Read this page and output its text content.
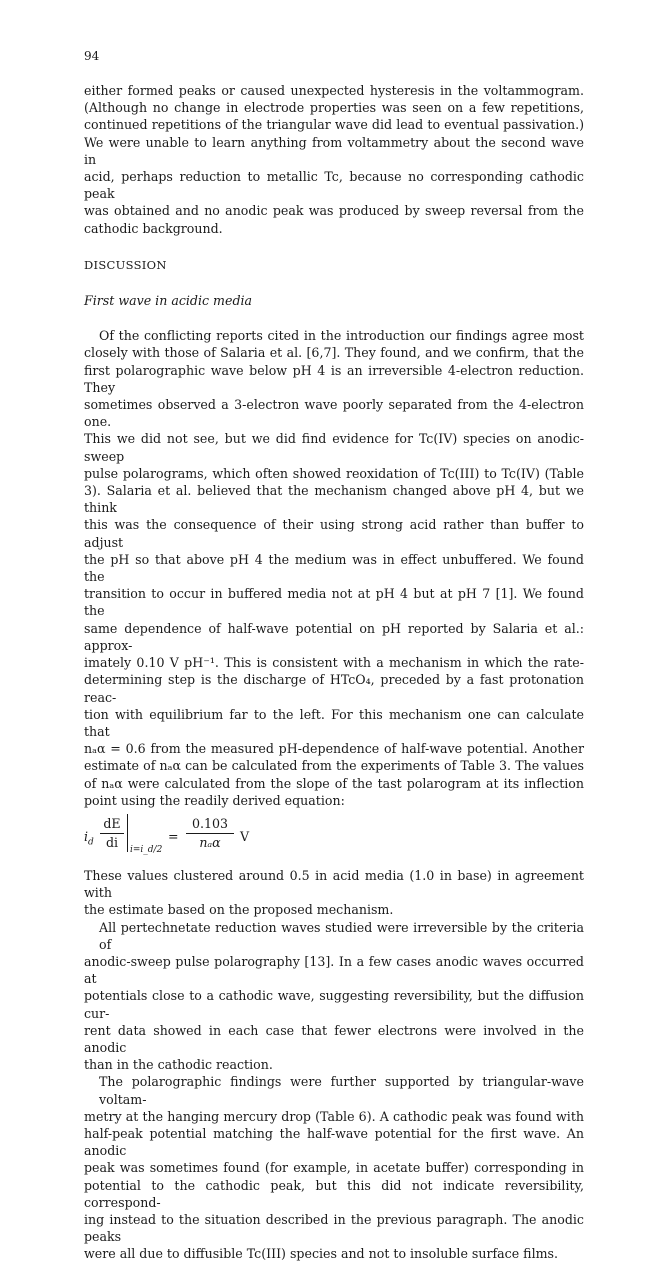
94
either formed peaks or caused unexpected hysteresis in the voltammogram.
(Although no change in electrode properties was seen on a few repetitions,
continued repetitions of the triangular wave did lead to eventual passivation.)
We were unable to learn anything from voltammetry about the second wave in
acid, perhaps reduction to metallic Tc, because no corresponding cathodic peak
was obtained and no anodic peak was produced by sweep reversal from the
cathodic background.
DISCUSSION
First wave in acidic media
Of the conflicting reports cited in the introduction our findings agree most
closely with those of Salaria et al. [6,7]. They found, and we confirm, that the
first polarographic wave below pH 4 is an irreversible 4-electron reduction. They
sometimes observed a 3-electron wave poorly separated from the 4-electron one.
This we did not see, but we did find evidence for Tc(IV) species on anodic-sweep
pulse polarograms, which often showed reoxidation of Tc(III) to Tc(IV) (Table
3). Salaria et al. believed that the mechanism changed above pH 4, but we think
this was the consequence of their using strong acid rather than buffer to adjust
the pH so that above pH 4 the medium was in effect unbuffered. We found the
transition to occur in buffered media not at pH 4 but at pH 7 [1]. We found the
same dependence of half-wave potential on pH reported by Salaria et al.: approx-
imately 0.10 V pH⁻¹. This is consistent with a mechanism in which the rate-
determining step is the discharge of HTcO₄, preceded by a fast protonation reac-
tion with equilibrium far to the left. For this mechanism one can calculate that
nₐα = 0.6 from the measured pH-dependence of half-wave potential. Another
estimate of nₐα can be calculated from the experiments of Table 3. The values
of nₐα were calculated from the slope of the tast polarogram at its inflection
point using the readily derived equation:
$i_d \frac{dE}{di}$ i=i_d/2
=
0.103
nₐα	V
These values clustered around 0.5 in acid media (1.0 in base) in agreement with
the estimate based on the proposed mechanism.
All pertechnetate reduction waves studied were irreversible by the criteria of
anodic-sweep pulse polarography [13]. In a few cases anodic waves occurred at
potentials close to a cathodic wave, suggesting reversibility, but the diffusion cur-
rent data showed in each case that fewer electrons were involved in the anodic
than in the cathodic reaction.
The polarographic findings were further supported by triangular-wave voltam-
metry at the hanging mercury drop (Table 6). A cathodic peak was found with
half-peak potential matching the half-wave potential for the first wave. An anodic
peak was sometimes found (for example, in acetate buffer) corresponding in
potential to the cathodic peak, but this did not indicate reversibility, correspond-
ing instead to the situation described in the previous paragraph. The anodic peaks
were all due to diffusible Tc(III) species and not to insoluble surface films.
